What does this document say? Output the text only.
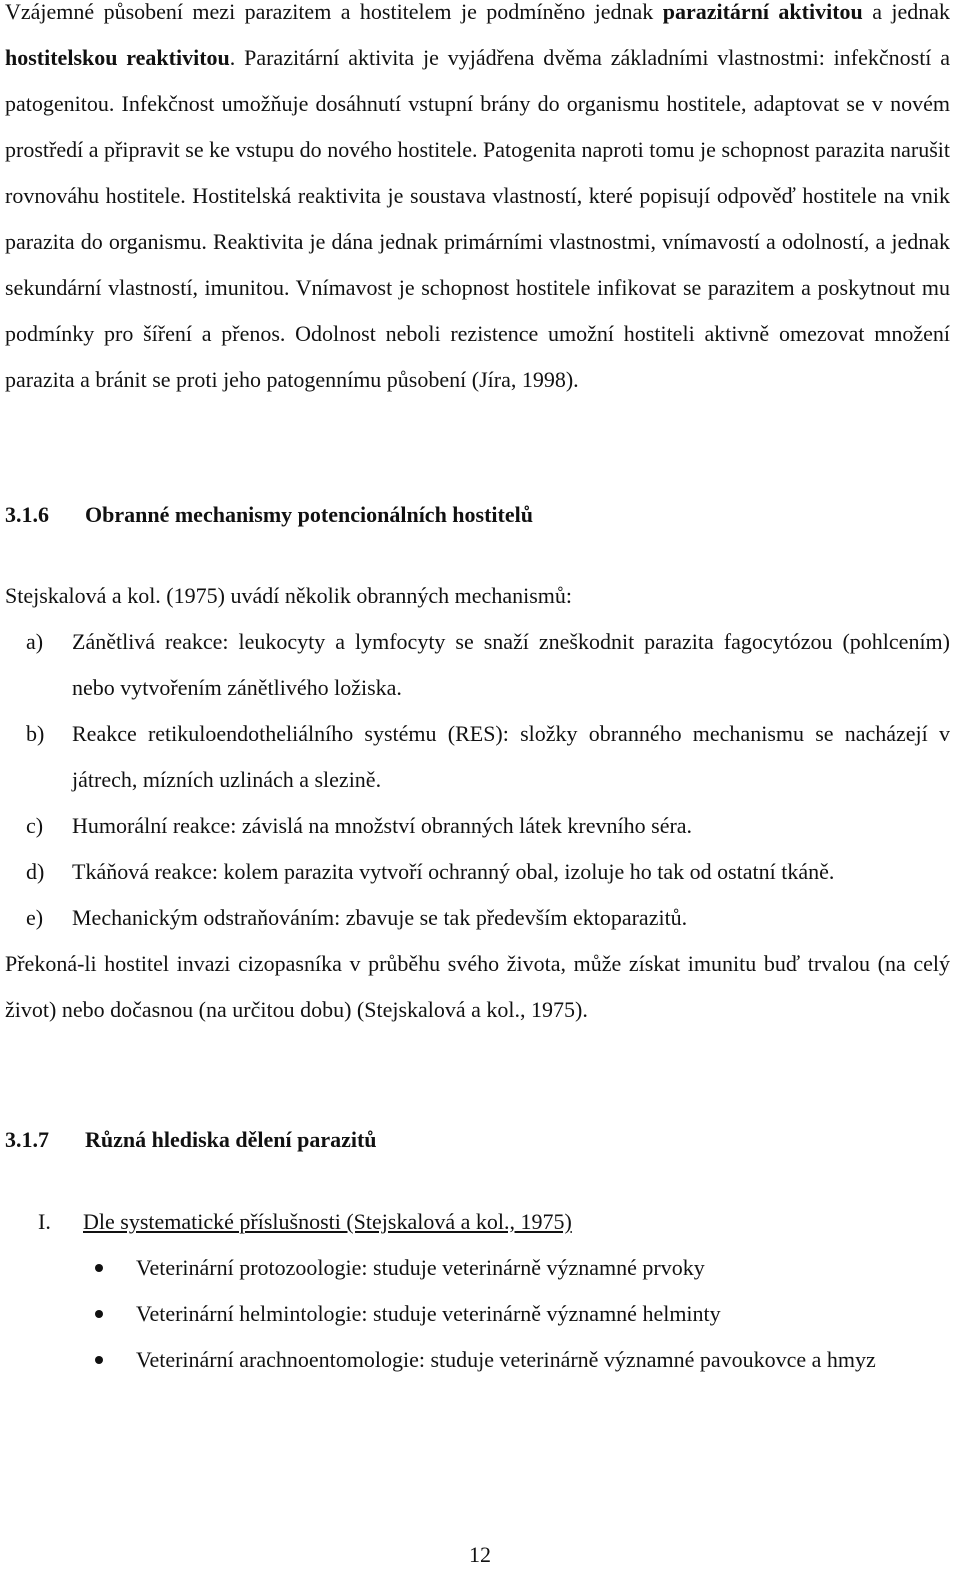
Vzájemné působení mezi parazitem a hostitelem je podmíněno jednak parazitární aktivitou a jednak hostitelskou reaktivitou. Parazitární aktivita je vyjádřena dvěma základními vlastnostmi: infekčností a patogenitou. Infekčnost umožňuje dosáhnutí vstupní brány do organismu hostitele, adaptovat se v novém prostředí a připravit se ke vstupu do nového hostitele. Patogenita naproti tomu je schopnost parazita narušit rovnováhu hostitele. Hostitelská reaktivita je soustava vlastností, které popisují odpověď hostitele na vnik parazita do organismu. Reaktivita je dána jednak primárními vlastnostmi, vnímavostí a odolností, a jednak sekundární vlastností, imunitou. Vnímavost je schopnost hostitele infikovat se parazitem a poskytnout mu podmínky pro šíření a přenos. Odolnost neboli rezistence umožní hostiteli aktivně omezovat množení parazita a bránit se proti jeho patogennímu působení (Jíra, 1998).

3.1.6 Obranné mechanismy potencionálních hostitelů

Stejskalová a kol. (1975) uvádí několik obranných mechanismů:

a) Zánětlivá reakce: leukocyty a lymfocyty se snaží zneškodnit parazita fagocytózou (pohlcením) nebo vytvořením zánětlivého ložiska.
b) Reakce retikuloendotheliálního systému (RES): složky obranného mechanismu se nacházejí v játrech, mízních uzlinách a slezině.
c) Humorální reakce: závislá na množství obranných látek krevního séra.
d) Tkáňová reakce: kolem parazita vytvoří ochranný obal, izoluje ho tak od ostatní tkáně.
e) Mechanickým odstraňováním: zbavuje se tak především ektoparazitů.

Překoná-li hostitel invazi cizopasníka v průběhu svého života, může získat imunitu buď trvalou (na celý život) nebo dočasnou (na určitou dobu) (Stejskalová a kol., 1975).

3.1.7 Různá hlediska dělení parazitů
I. Dle systematické příslušnosti (Stejskalová a kol., 1975)
Veterinární protozoologie: studuje veterinárně významné prvoky
Veterinární helmintologie: studuje veterinárně významné helminty
Veterinární arachnoentomologie: studuje veterinárně významné pavoukovce a hmyz
12
